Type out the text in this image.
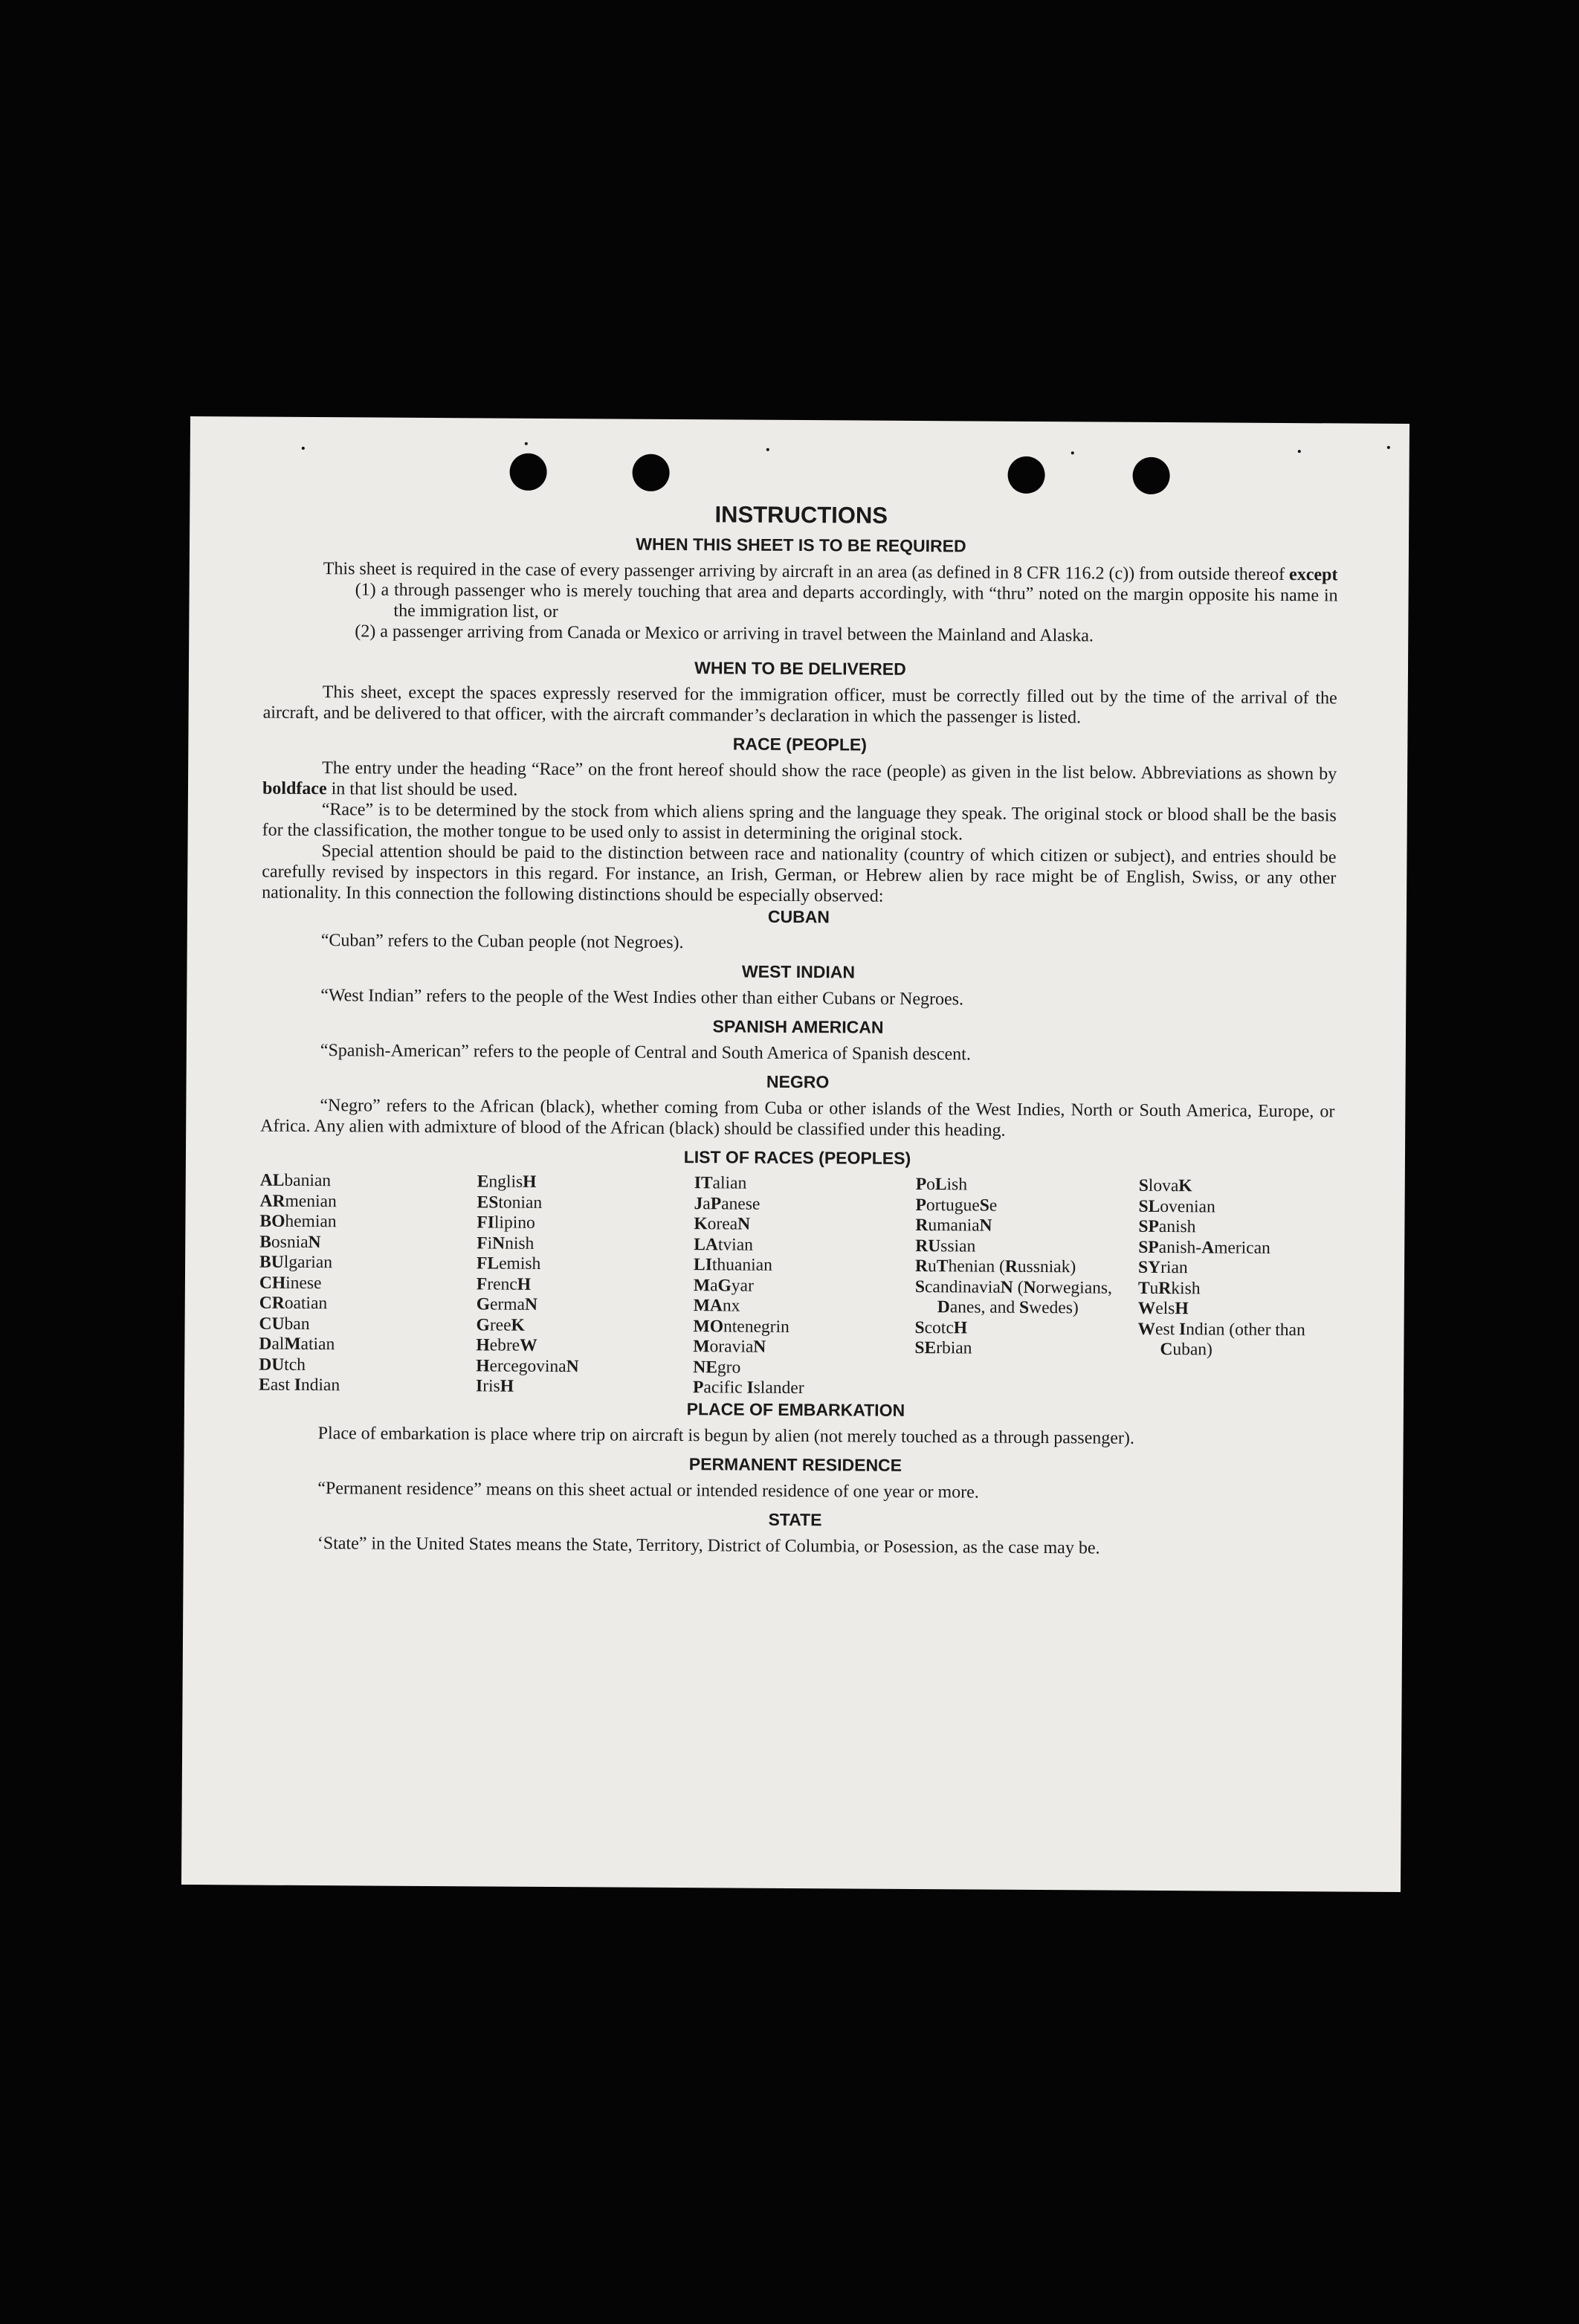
INSTRUCTIONS
WHEN THIS SHEET IS TO BE REQUIRED

This sheet is required in the case of every passenger arriving by aircraft in an area (as defined in 8 CFR 116.2 (c)) from outside thereof except

(1) a through passenger who is merely touching that area and departs accordingly, with “thru” noted on the margin opposite his name in the immigration list, or

(2) a passenger arriving from Canada or Mexico or arriving in travel between the Mainland and Alaska.

WHEN TO BE DELIVERED

This sheet, except the spaces expressly reserved for the immigration officer, must be correctly filled out by the time of the arrival of the aircraft, and be delivered to that officer, with the aircraft commander’s declaration in which the passenger is listed.

RACE (PEOPLE)

The entry under the heading “Race” on the front hereof should show the race (people) as given in the list below. Abbreviations as shown by boldface in that list should be used.

“Race” is to be determined by the stock from which aliens spring and the language they speak. The original stock or blood shall be the basis for the classification, the mother tongue to be used only to assist in determining the original stock.

Special attention should be paid to the distinction between race and nationality (country of which citizen or subject), and entries should be carefully revised by inspectors in this regard. For instance, an Irish, German, or Hebrew alien by race might be of English, Swiss, or any other nationality. In this connection the following distinctions should be especially observed:

CUBAN

“Cuban” refers to the Cuban people (not Negroes).

WEST INDIAN

“West Indian” refers to the people of the West Indies other than either Cubans or Negroes.

SPANISH AMERICAN

“Spanish-American” refers to the people of Central and South America of Spanish descent.

NEGRO

“Negro” refers to the African (black), whether coming from Cuba or other islands of the West Indies, North or South America, Europe, or Africa. Any alien with admixture of blood of the African (black) should be classified under this heading.

LIST OF RACES (PEOPLES)
ALbanian
ARmenian
BOhemian
BosniaN
BUlgarian
CHinese
CRoatian
CUban
DalMatian
DUtch
East Indian
EnglisH
EStonian
FIlipino
FiNnish
FLemish
FrencH
GermaN
GreeK
HebreW
HercegovinaN
IrisH
ITalian
JaPanese
KoreaN
LAtvian
LIthuanian
MaGyar
MAnx
MOntenegrin
MoraviaN
NEgro
Pacific Islander
PoLish
PortugueSe
RumaniaN
RUssian
RuThenian (Russniak)
ScandinaviaN (Norwegians, Danes, and Swedes)
ScotcH
SErbian
SlovaK
SLovenian
SPanish
SPanish-American
SYrian
TuRkish
WelsH
West Indian (other than Cuban)
PLACE OF EMBARKATION

Place of embarkation is place where trip on aircraft is begun by alien (not merely touched as a through passenger).

PERMANENT RESIDENCE

“Permanent residence” means on this sheet actual or intended residence of one year or more.

STATE

‘State” in the United States means the State, Territory, District of Columbia, or Posession, as the case may be.
